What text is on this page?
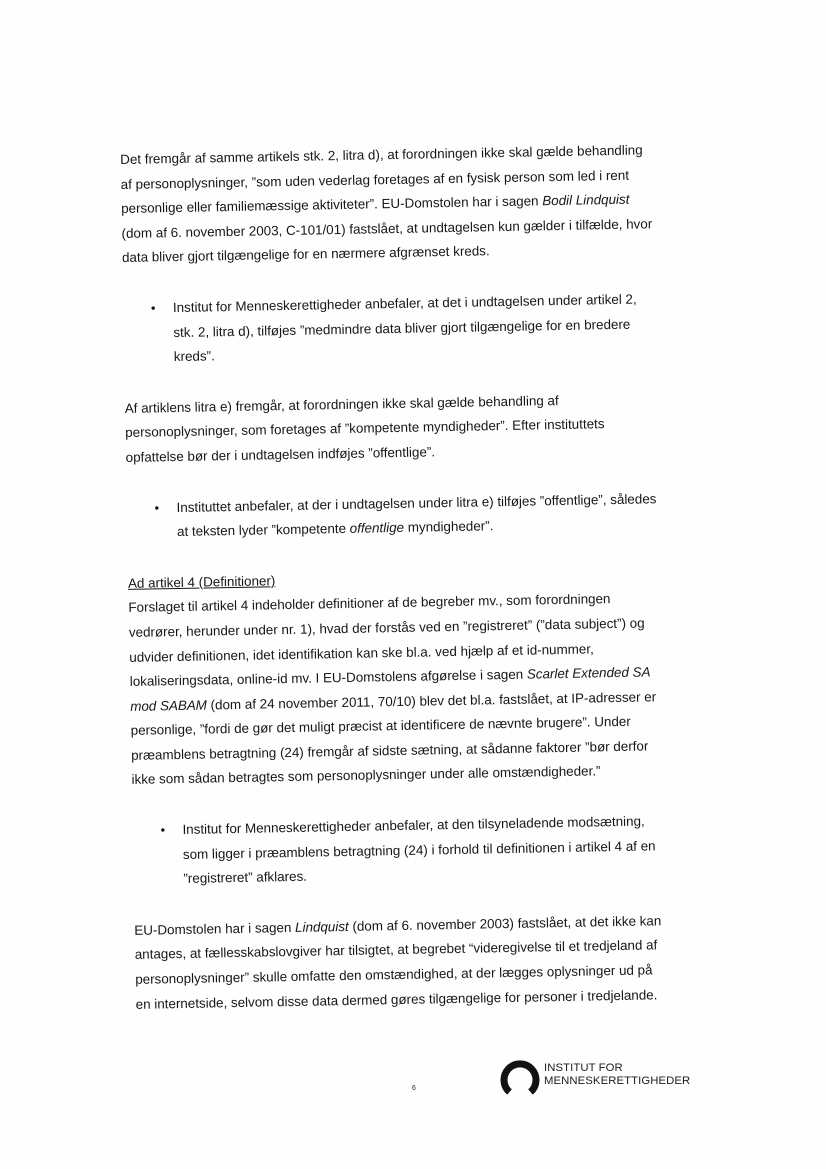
Det fremgår af samme artikels stk. 2, litra d), at forordningen ikke skal gælde behandling
af personoplysninger, ”som uden vederlag foretages af en fysisk person som led i rent
personlige eller familiemæssige aktiviteter”. EU-Domstolen har i sagen Bodil Lindquist
(dom af 6. november 2003, C-101/01) fastslået, at undtagelsen kun gælder i tilfælde, hvor
data bliver gjort tilgængelige for en nærmere afgrænset kreds.

• Institut for Menneskerettigheder anbefaler, at det i undtagelsen under artikel 2,
stk. 2, litra d), tilføjes ”medmindre data bliver gjort tilgængelige for en bredere
kreds”.

Af artiklens litra e) fremgår, at forordningen ikke skal gælde behandling af
personoplysninger, som foretages af ”kompetente myndigheder”. Efter instituttets
opfattelse bør der i undtagelsen indføjes ”offentlige”.

• Instituttet anbefaler, at der i undtagelsen under litra e) tilføjes ”offentlige”, således
at teksten lyder ”kompetente offentlige myndigheder”.

Ad artikel 4 (Definitioner)
Forslaget til artikel 4 indeholder definitioner af de begreber mv., som forordningen
vedrører, herunder under nr. 1), hvad der forstås ved en ”registreret” (”data subject”) og
udvider definitionen, idet identifikation kan ske bl.a. ved hjælp af et id-nummer,
lokaliseringsdata, online-id mv. I EU-Domstolens afgørelse i sagen Scarlet Extended SA
mod SABAM (dom af 24 november 2011, 70/10) blev det bl.a. fastslået, at IP-adresser er
personlige, ”fordi de gør det muligt præcist at identificere de nævnte brugere”. Under
præamblens betragtning (24) fremgår af sidste sætning, at sådanne faktorer ”bør derfor
ikke som sådan betragtes som personoplysninger under alle omstændigheder.”

• Institut for Menneskerettigheder anbefaler, at den tilsyneladende modsætning,
som ligger i præamblens betragtning (24) i forhold til definitionen i artikel 4 af en
”registreret” afklares.

EU-Domstolen har i sagen Lindquist (dom af 6. november 2003) fastslået, at det ikke kan
antages, at fællesskabslovgiver har tilsigtet, at begrebet “videregivelse til et tredjeland af
personoplysninger” skulle omfatte den omstændighed, at der lægges oplysninger ud på
en internetside, selvom disse data dermed gøres tilgængelige for personer i tredjelande.

6
INSTITUT FOR
MENNESKERETTIGHEDER
